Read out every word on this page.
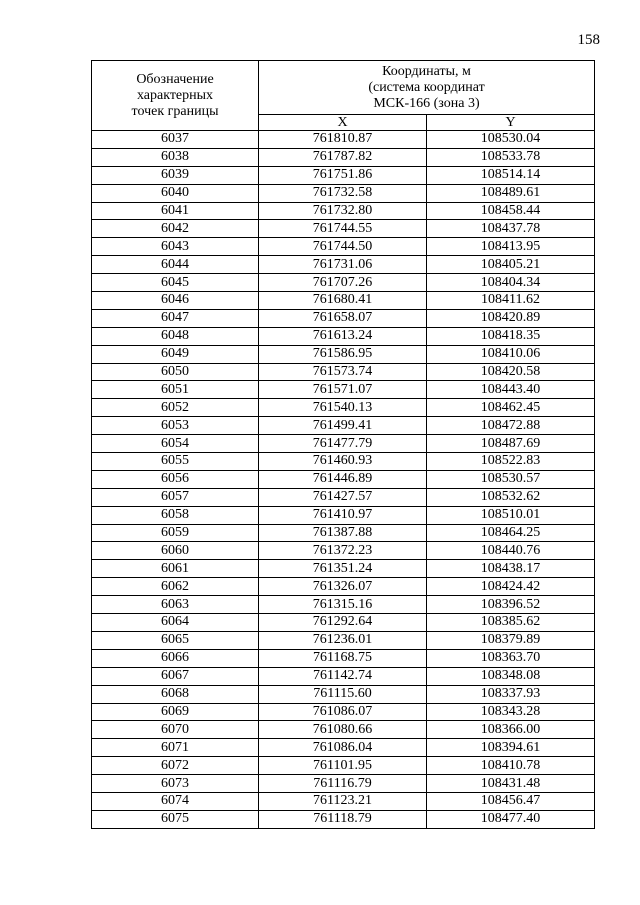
158
Обозначение
характерных
точек границы	Координаты, м
(система координат
МСК-166 (зона 3)	

	X	Y
6037	761810.87	108530.04
6038	761787.82	108533.78
6039	761751.86	108514.14
6040	761732.58	108489.61
6041	761732.80	108458.44
6042	761744.55	108437.78
6043	761744.50	108413.95
6044	761731.06	108405.21
6045	761707.26	108404.34
6046	761680.41	108411.62
6047	761658.07	108420.89
6048	761613.24	108418.35
6049	761586.95	108410.06
6050	761573.74	108420.58
6051	761571.07	108443.40
6052	761540.13	108462.45
6053	761499.41	108472.88
6054	761477.79	108487.69
6055	761460.93	108522.83
6056	761446.89	108530.57
6057	761427.57	108532.62
6058	761410.97	108510.01
6059	761387.88	108464.25
6060	761372.23	108440.76
6061	761351.24	108438.17
6062	761326.07	108424.42
6063	761315.16	108396.52
6064	761292.64	108385.62
6065	761236.01	108379.89
6066	761168.75	108363.70
6067	761142.74	108348.08
6068	761115.60	108337.93
6069	761086.07	108343.28
6070	761080.66	108366.00
6071	761086.04	108394.61
6072	761101.95	108410.78
6073	761116.79	108431.48
6074	761123.21	108456.47
6075	761118.79	108477.40
